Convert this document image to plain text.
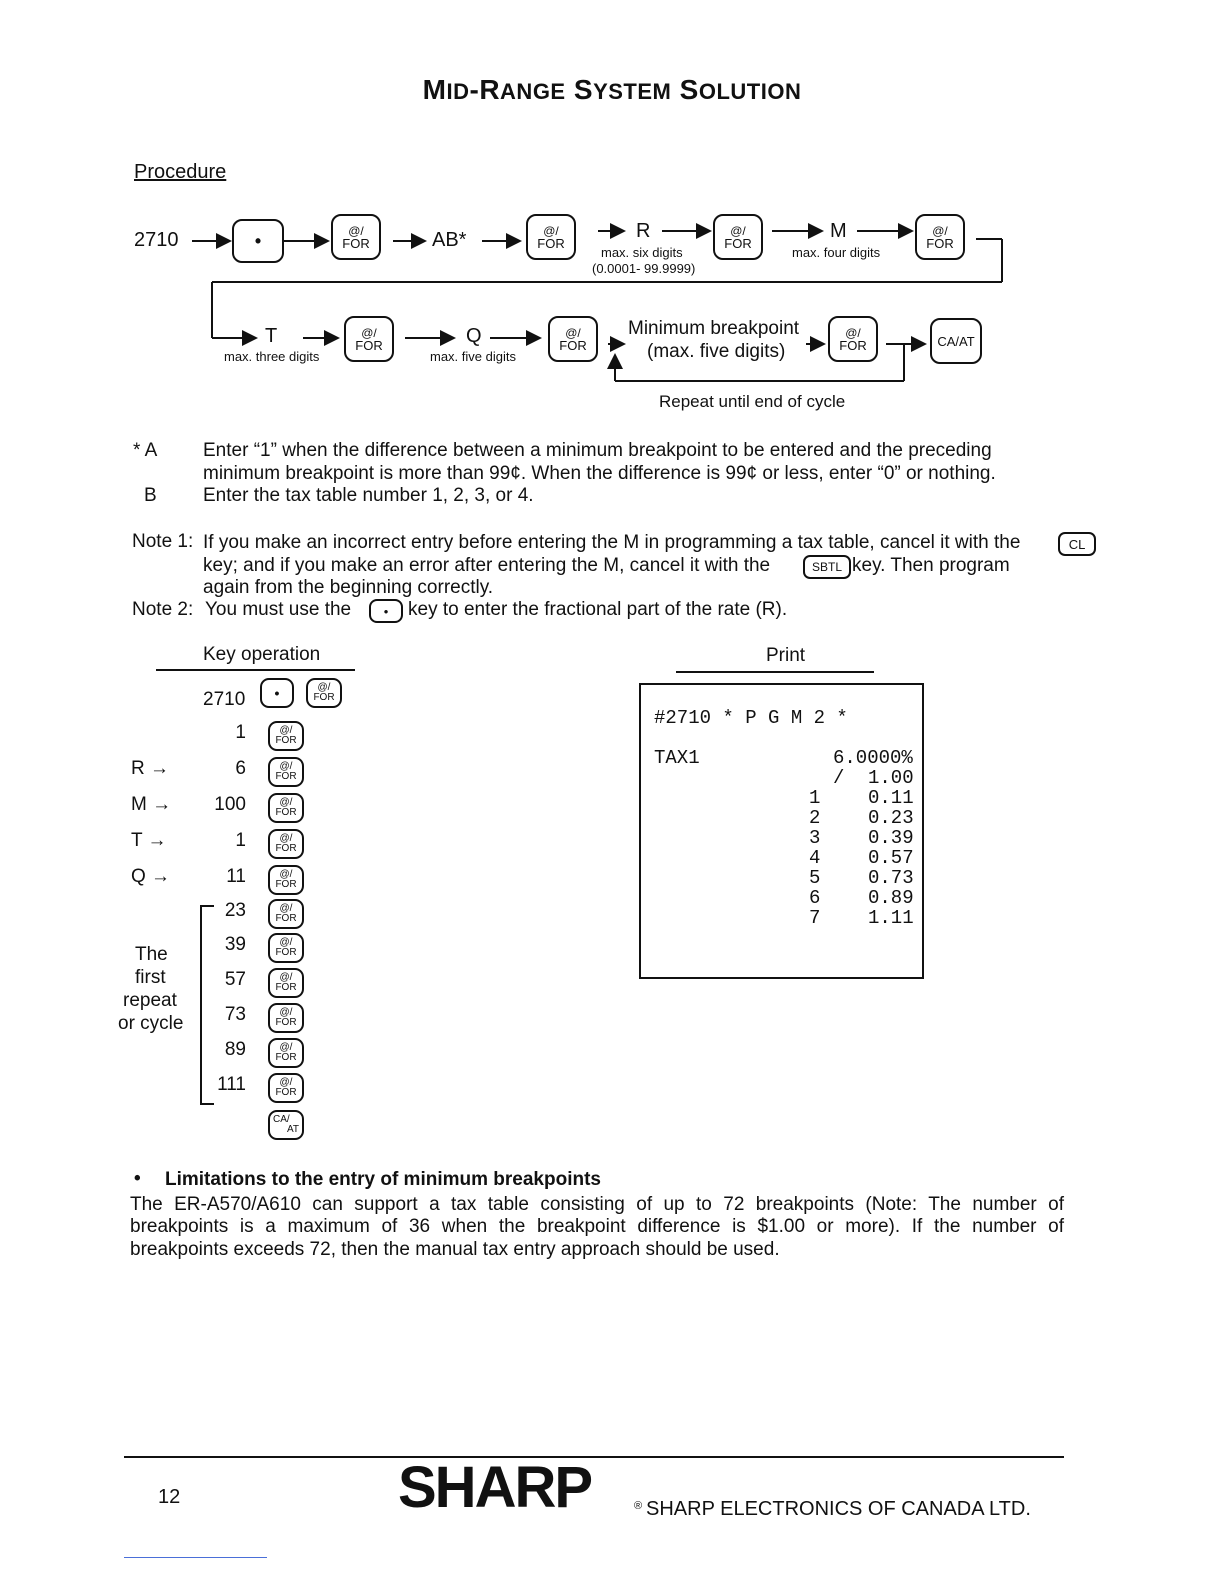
MID-RANGE SYSTEM SOLUTION
Procedure
2710	•
@/
FOR	AB*	@/
FOR
R
max. six digits
(0.0001- 99.9999)
@/
FOR
M
max. four digits
@/
FOR
T
max. three digits
@/
FOR	Q
max. five digits
@/
FOR
Minimum breakpoint
(max. five digits)
@/
FOR	CA/AT
Repeat until end of cycle
* A Enter “1” when the difference between a minimum breakpoint to be entered and the preceding
minimum breakpoint is more than 99¢. When the difference is 99¢ or less, enter “0” or nothing.
B Enter the tax table number 1, 2, 3, or 4.
Note 1: If you make an incorrect entry before entering the M in programming a tax table, cancel it with the	CL
key; and if you make an error after entering the M, cancel it with the	SBTL key. Then program
again from the beginning correctly.
Note 2: You must use the	• key to enter the fractional part of the rate (R).
Key operation
2710 •	@/
FOR
1	@/
FOR
R →	6	@/
FOR
M → 100	@/
FOR
T →	1	@/
FOR
Q →	11	@/
FOR
23	@/
FOR
39	@/
FOR
57	@/
FOR
73	@/
FOR
89	@/
FOR
111	@/
FOR
The
first
repeat
or cycle
CA/
AT
Print
#2710 * P G M 2 *
TAX1	6.0000%
/ 1.00
1	0.11
2	0.23
3	0.39
4	0.57
5	0.73
6	0.89
7	1.11
• Limitations to the entry of minimum breakpoints
The ER-A570/A610 can support a tax table consisting of up to 72 breakpoints (Note: The number of
breakpoints is a maximum of 36 when the breakpoint difference is $1.00 or more). If the number of
breakpoints exceeds 72, then the manual tax entry approach should be used.
12	SHARP	® SHARP ELECTRONICS OF CANADA LTD.
